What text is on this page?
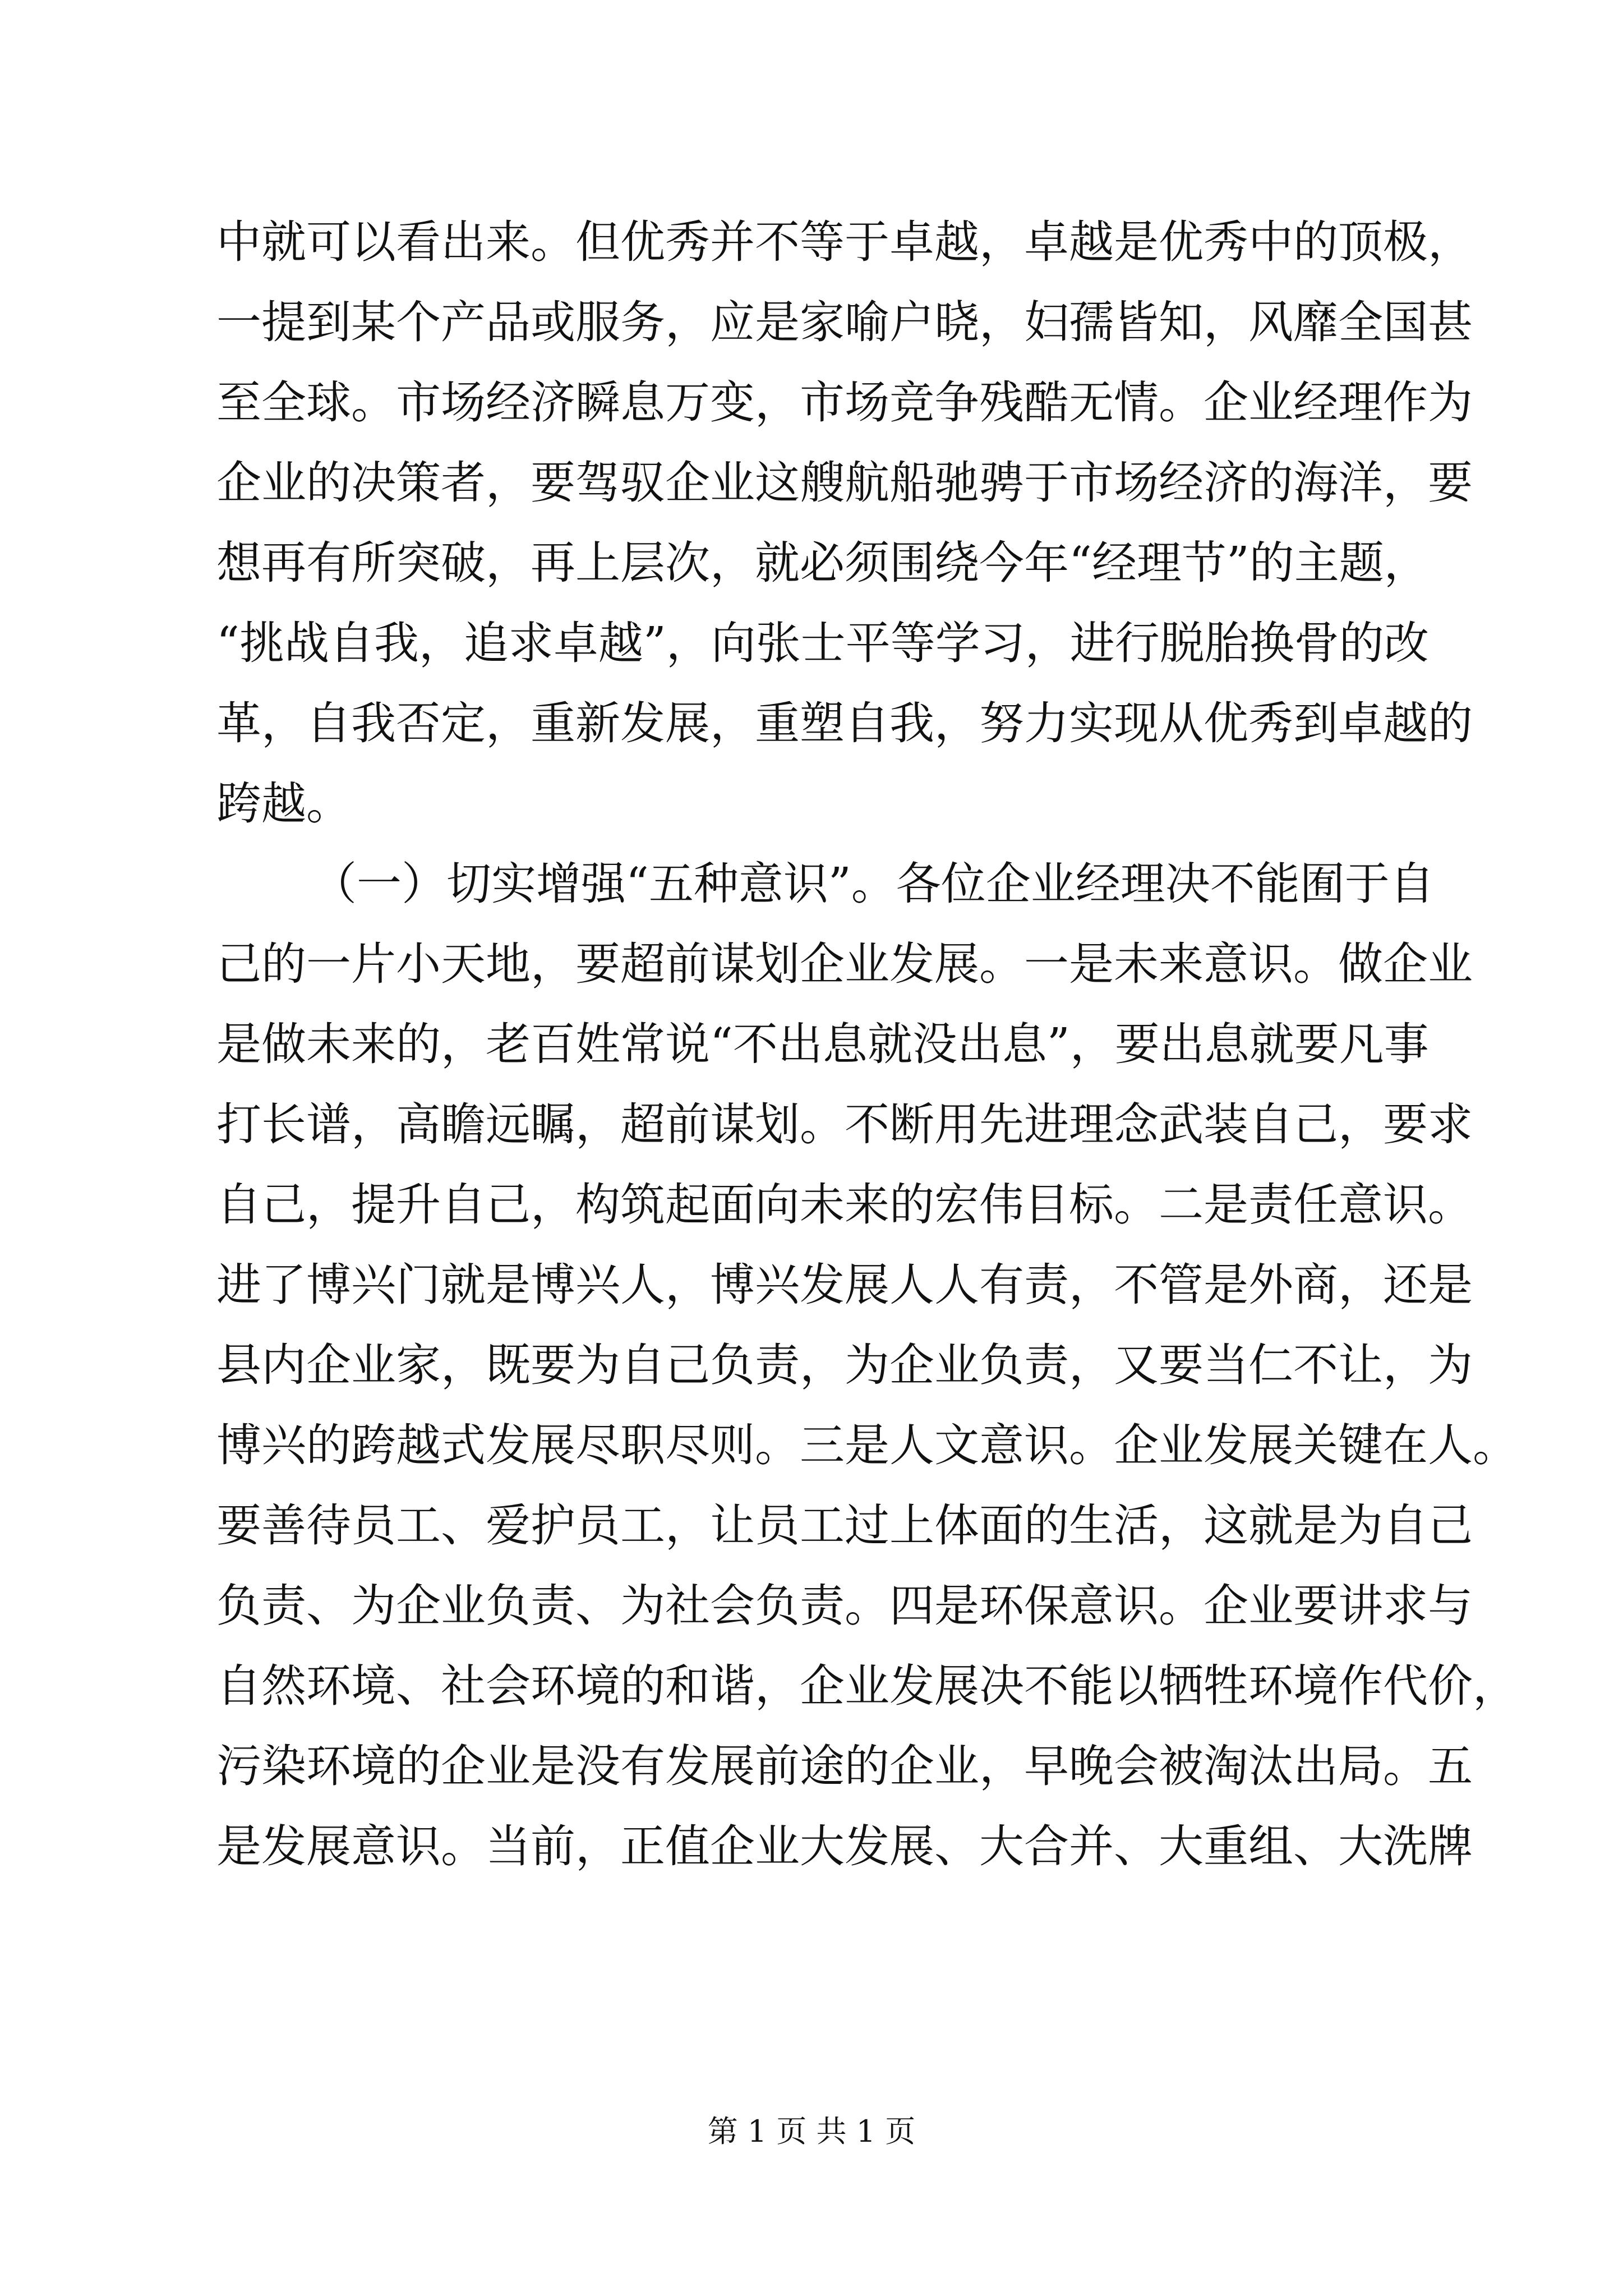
中就可以看出来。但优秀并不等于卓越，卓越是优秀中的顶极，
一提到某个产品或服务，应是家喻户晓，妇孺皆知，风靡全国甚
至全球。市场经济瞬息万变，市场竞争残酷无情。企业经理作为
企业的决策者，要驾驭企业这艘航船驰骋于市场经济的海洋，要
想再有所突破，再上层次，就必须围绕今年“经理节”的主题，
“挑战自我，追求卓越”，向张士平等学习，进行脱胎换骨的改
革，自我否定，重新发展，重塑自我，努力实现从优秀到卓越的
跨越。
（一）切实增强“五种意识”。各位企业经理决不能囿于自
己的一片小天地，要超前谋划企业发展。一是未来意识。做企业
是做未来的，老百姓常说“不出息就没出息”，要出息就要凡事
打长谱，高瞻远瞩，超前谋划。不断用先进理念武装自己，要求
自己，提升自己，构筑起面向未来的宏伟目标。二是责任意识。
进了博兴门就是博兴人，博兴发展人人有责，不管是外商，还是
县内企业家，既要为自己负责，为企业负责，又要当仁不让，为
博兴的跨越式发展尽职尽则。三是人文意识。企业发展关键在人。
要善待员工、爱护员工，让员工过上体面的生活，这就是为自己
负责、为企业负责、为社会负责。四是环保意识。企业要讲求与
自然环境、社会环境的和谐，企业发展决不能以牺牲环境作代价，
污染环境的企业是没有发展前途的企业，早晚会被淘汰出局。五
是发展意识。当前，正值企业大发展、大合并、大重组、大洗牌
第 1 页 共 1 页
